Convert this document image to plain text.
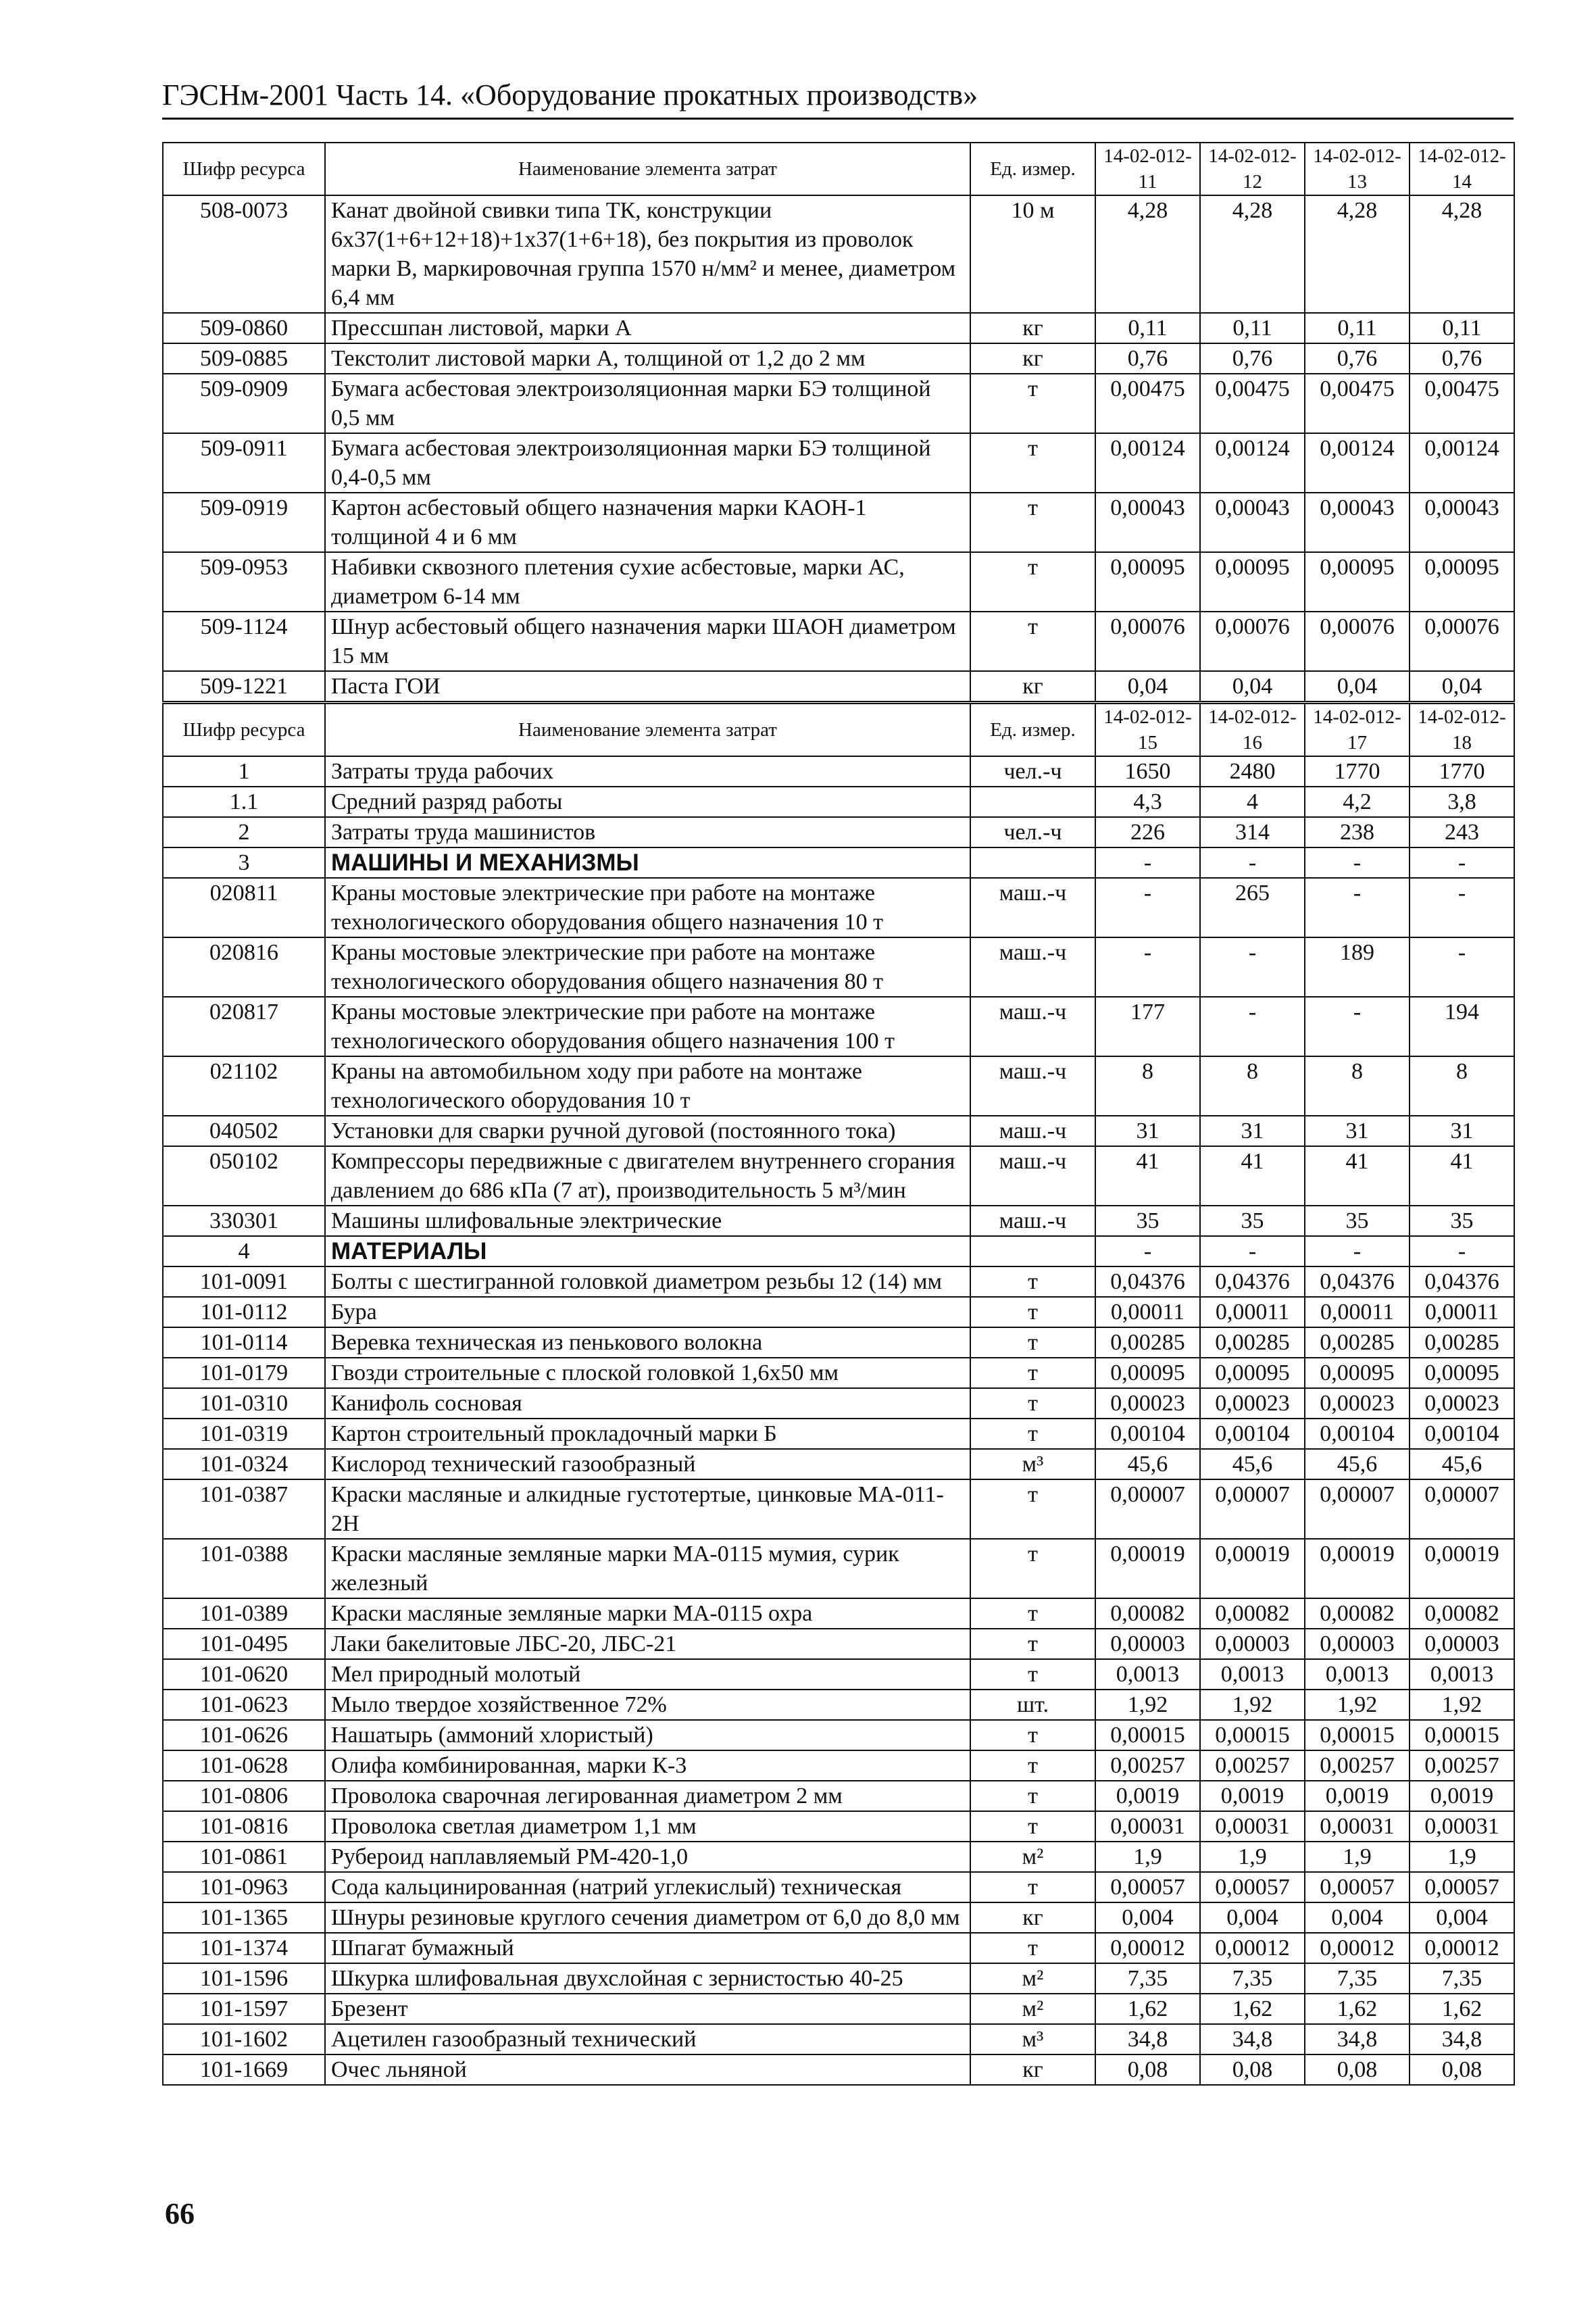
ГЭСНм-2001 Часть 14. «Оборудование прокатных производств»
Шифр ресурса	Наименование элемента затрат	Ед. измер.	14-02-012-11	14-02-012-12	14-02-012-13	14-02-012-14
508-0073	Канат двойной свивки типа ТК, конструкции 6х37(1+6+12+18)+1х37(1+6+18), без покрытия из проволок марки В, маркировочная группа 1570 н/мм² и менее, диаметром 6,4 мм	10 м	4,28	4,28	4,28	4,28
509-0860	Прессшпан листовой, марки А	кг	0,11	0,11	0,11	0,11
509-0885	Текстолит листовой марки А, толщиной от 1,2 до 2 мм	кг	0,76	0,76	0,76	0,76
509-0909	Бумага асбестовая электроизоляционная марки БЭ толщиной 0,5 мм	т	0,00475	0,00475	0,00475	0,00475
509-0911	Бумага асбестовая электроизоляционная марки БЭ толщиной 0,4-0,5 мм	т	0,00124	0,00124	0,00124	0,00124
509-0919	Картон асбестовый общего назначения марки КАОН-1 толщиной 4 и 6 мм	т	0,00043	0,00043	0,00043	0,00043
509-0953	Набивки сквозного плетения сухие асбестовые, марки АС, диаметром 6-14 мм	т	0,00095	0,00095	0,00095	0,00095
509-1124	Шнур асбестовый общего назначения марки ШАОН диаметром 15 мм	т	0,00076	0,00076	0,00076	0,00076
509-1221	Паста ГОИ	кг	0,04	0,04	0,04	0,04
Шифр ресурса	Наименование элемента затрат	Ед. измер.	14-02-012-15	14-02-012-16	14-02-012-17	14-02-012-18
1	Затраты труда рабочих	чел.-ч	1650	2480	1770	1770
1.1	Средний разряд работы		4,3	4	4,2	3,8
2	Затраты труда машинистов	чел.-ч	226	314	238	243
3	МАШИНЫ И МЕХАНИЗМЫ		-	-	-	-
020811	Краны мостовые электрические при работе на монтаже технологического оборудования общего назначения 10 т	маш.-ч	-	265	-	-
020816	Краны мостовые электрические при работе на монтаже технологического оборудования общего назначения 80 т	маш.-ч	-	-	189	-
020817	Краны мостовые электрические при работе на монтаже технологического оборудования общего назначения 100 т	маш.-ч	177	-	-	194
021102	Краны на автомобильном ходу при работе на монтаже технологического оборудования 10 т	маш.-ч	8	8	8	8
040502	Установки для сварки ручной дуговой (постоянного тока)	маш.-ч	31	31	31	31
050102	Компрессоры передвижные с двигателем внутреннего сгорания давлением до 686 кПа (7 ат), производительность 5 м³/мин	маш.-ч	41	41	41	41
330301	Машины шлифовальные электрические	маш.-ч	35	35	35	35
4	МАТЕРИАЛЫ		-	-	-	-
101-0091	Болты с шестигранной головкой диаметром резьбы 12 (14) мм	т	0,04376	0,04376	0,04376	0,04376
101-0112	Бура	т	0,00011	0,00011	0,00011	0,00011
101-0114	Веревка техническая из пенькового волокна	т	0,00285	0,00285	0,00285	0,00285
101-0179	Гвозди строительные с плоской головкой 1,6х50 мм	т	0,00095	0,00095	0,00095	0,00095
101-0310	Канифоль сосновая	т	0,00023	0,00023	0,00023	0,00023
101-0319	Картон строительный прокладочный марки Б	т	0,00104	0,00104	0,00104	0,00104
101-0324	Кислород технический газообразный	м³	45,6	45,6	45,6	45,6
101-0387	Краски масляные и алкидные густотертые, цинковые МА-011-2Н	т	0,00007	0,00007	0,00007	0,00007
101-0388	Краски масляные земляные марки МА-0115 мумия, сурик железный	т	0,00019	0,00019	0,00019	0,00019
101-0389	Краски масляные земляные марки МА-0115 охра	т	0,00082	0,00082	0,00082	0,00082
101-0495	Лаки бакелитовые ЛБС-20, ЛБС-21	т	0,00003	0,00003	0,00003	0,00003
101-0620	Мел природный молотый	т	0,0013	0,0013	0,0013	0,0013
101-0623	Мыло твердое хозяйственное 72%	шт.	1,92	1,92	1,92	1,92
101-0626	Нашатырь (аммоний хлористый)	т	0,00015	0,00015	0,00015	0,00015
101-0628	Олифа комбинированная, марки К-3	т	0,00257	0,00257	0,00257	0,00257
101-0806	Проволока сварочная легированная диаметром 2 мм	т	0,0019	0,0019	0,0019	0,0019
101-0816	Проволока светлая диаметром 1,1 мм	т	0,00031	0,00031	0,00031	0,00031
101-0861	Рубероид наплавляемый РМ-420-1,0	м²	1,9	1,9	1,9	1,9
101-0963	Сода кальцинированная (натрий углекислый) техническая	т	0,00057	0,00057	0,00057	0,00057
101-1365	Шнуры резиновые круглого сечения диаметром от 6,0 до 8,0 мм	кг	0,004	0,004	0,004	0,004
101-1374	Шпагат бумажный	т	0,00012	0,00012	0,00012	0,00012
101-1596	Шкурка шлифовальная двухслойная с зернистостью 40-25	м²	7,35	7,35	7,35	7,35
101-1597	Брезент	м²	1,62	1,62	1,62	1,62
101-1602	Ацетилен газообразный технический	м³	34,8	34,8	34,8	34,8
101-1669	Очес льняной	кг	0,08	0,08	0,08	0,08
66
